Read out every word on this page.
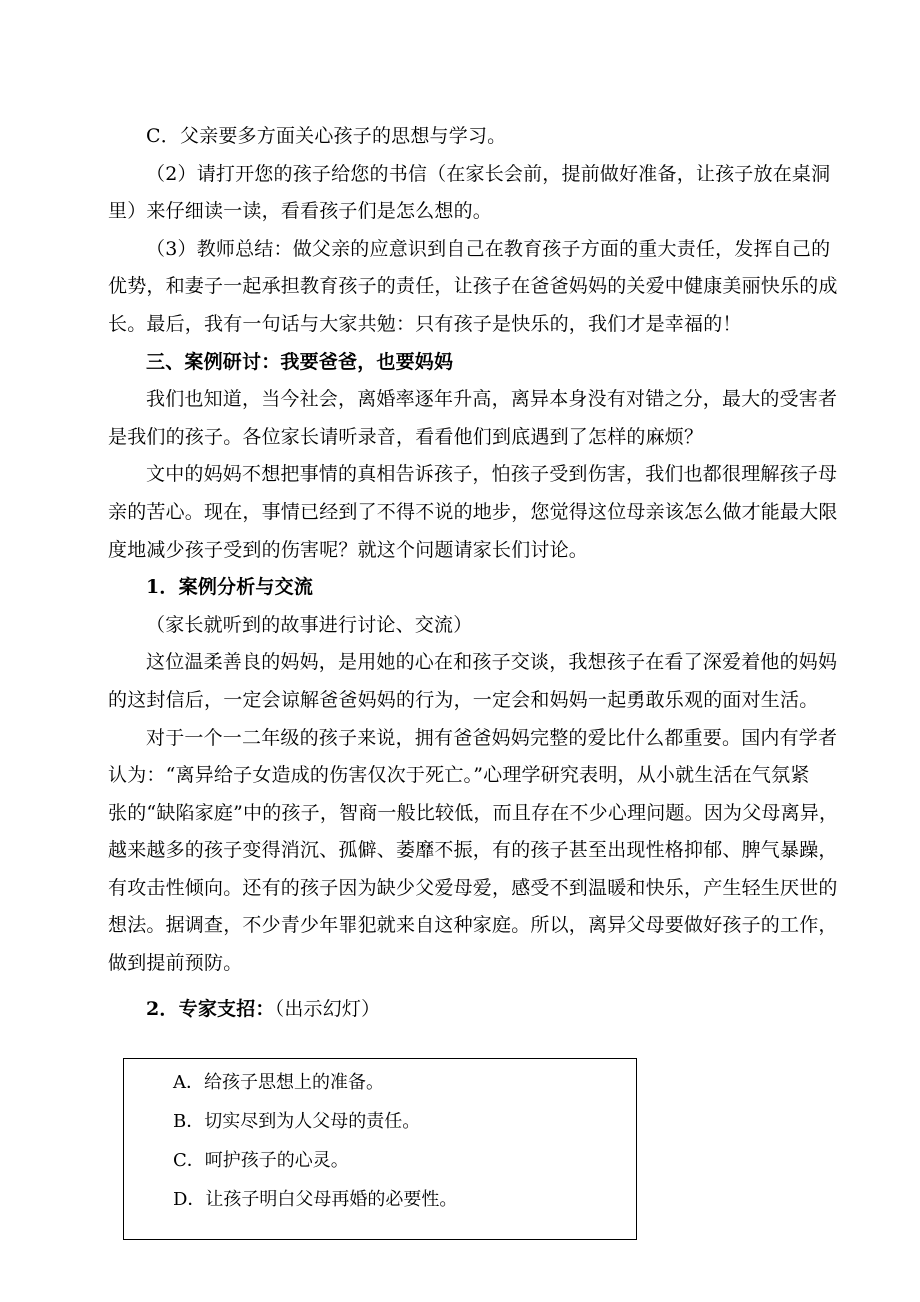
C．父亲要多方面关心孩子的思想与学习。
（2）请打开您的孩子给您的书信（在家长会前，提前做好准备，让孩子放在桌洞
里）来仔细读一读，看看孩子们是怎么想的。
（3）教师总结：做父亲的应意识到自己在教育孩子方面的重大责任，发挥自己的
优势，和妻子一起承担教育孩子的责任，让孩子在爸爸妈妈的关爱中健康美丽快乐的成
长。最后，我有一句话与大家共勉：只有孩子是快乐的，我们才是幸福的！
三、案例研讨：我要爸爸，也要妈妈
我们也知道，当今社会，离婚率逐年升高，离异本身没有对错之分，最大的受害者
是我们的孩子。各位家长请听录音，看看他们到底遇到了怎样的麻烦？
文中的妈妈不想把事情的真相告诉孩子，怕孩子受到伤害，我们也都很理解孩子母
亲的苦心。现在，事情已经到了不得不说的地步，您觉得这位母亲该怎么做才能最大限
度地减少孩子受到的伤害呢？就这个问题请家长们讨论。
1．案例分析与交流
（家长就听到的故事进行讨论、交流）
这位温柔善良的妈妈，是用她的心在和孩子交谈，我想孩子在看了深爱着他的妈妈
的这封信后，一定会谅解爸爸妈妈的行为，一定会和妈妈一起勇敢乐观的面对生活。
对于一个一二年级的孩子来说，拥有爸爸妈妈完整的爱比什么都重要。国内有学者
认为：“离异给子女造成的伤害仅次于死亡。”心理学研究表明，从小就生活在气氛紧
张的“缺陷家庭”中的孩子，智商一般比较低，而且存在不少心理问题。因为父母离异，
越来越多的孩子变得消沉、孤僻、萎靡不振，有的孩子甚至出现性格抑郁、脾气暴躁，
有攻击性倾向。还有的孩子因为缺少父爱母爱，感受不到温暖和快乐，产生轻生厌世的
想法。据调查，不少青少年罪犯就来自这种家庭。所以，离异父母要做好孩子的工作，
做到提前预防。
2．专家支招：（出示幻灯）
A．给孩子思想上的准备。
B．切实尽到为人父母的责任。
C．呵护孩子的心灵。
D．让孩子明白父母再婚的必要性。
